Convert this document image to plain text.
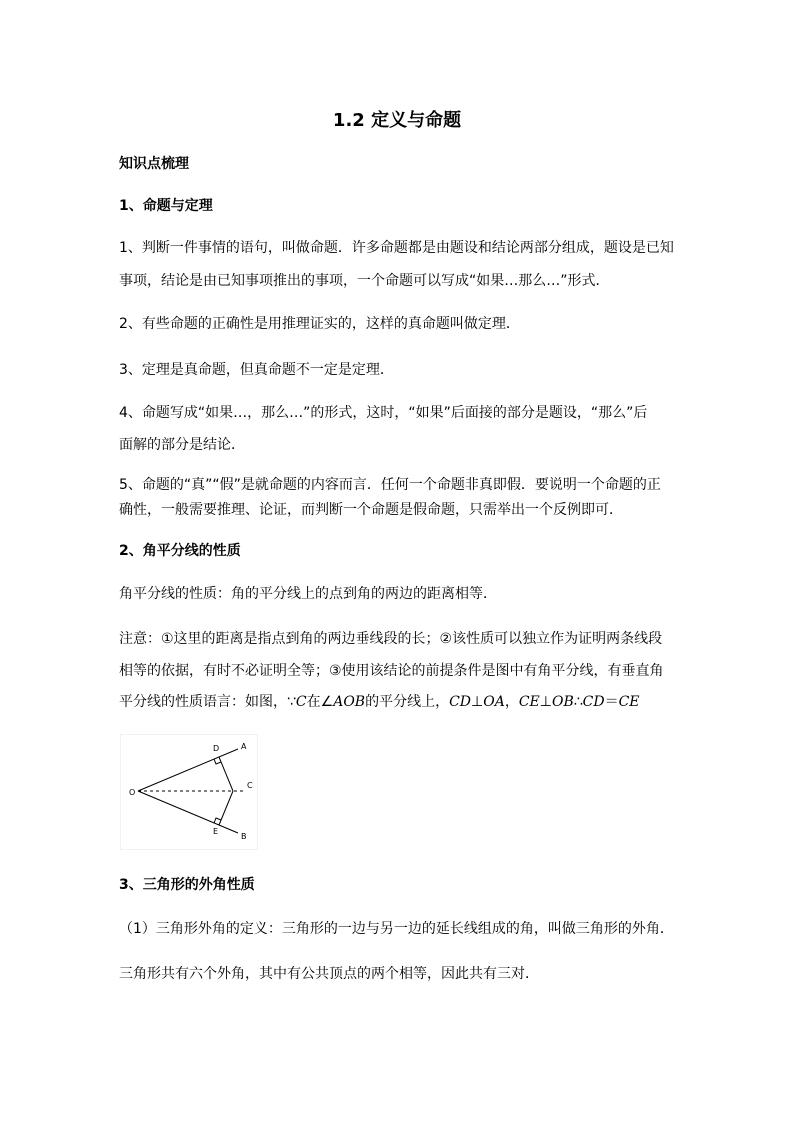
1.2 定义与命题
知识点梳理
1、命题与定理
1、判断一件事情的语句，叫做命题．许多命题都是由题设和结论两部分组成，题设是已知
事项，结论是由已知事项推出的事项，一个命题可以写成“如果…那么…”形式．
2、有些命题的正确性是用推理证实的，这样的真命题叫做定理．
3、定理是真命题，但真命题不一定是定理．
4、命题写成“如果…，那么…”的形式，这时，“如果”后面接的部分是题设，“那么”后
面解的部分是结论．
5、命题的“真”“假”是就命题的内容而言．任何一个命题非真即假．要说明一个命题的正
确性，一般需要推理、论证，而判断一个命题是假命题，只需举出一个反例即可．
2、角平分线的性质
角平分线的性质：角的平分线上的点到角的两边的距离相等．
注意：①这里的距离是指点到角的两边垂线段的长；②该性质可以独立作为证明两条线段
相等的依据，有时不必证明全等；③使用该结论的前提条件是图中有角平分线，有垂直角
平分线的性质语言：如图，∵C在∠AOB的平分线上，CD⊥OA，CE⊥OB∴CD＝CE
O
A
B
C
D
E
3、三角形的外角性质
（1）三角形外角的定义：三角形的一边与另一边的延长线组成的角，叫做三角形的外角．
三角形共有六个外角，其中有公共顶点的两个相等，因此共有三对．
